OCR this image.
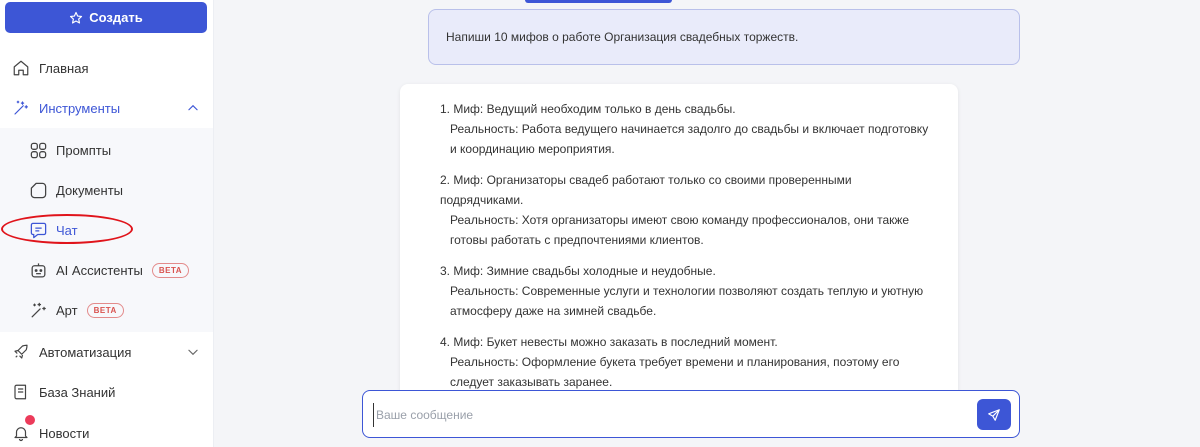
Создать
Главная
Инструменты
Промпты
Документы
Чат
AI Ассистенты	BETA
Арт	BETA
Автоматизация
База Знаний
Новости
Напиши 10 мифов о работе Организация свадебных торжеств.
1. Миф: Ведущий необходим только в день свадьбы.
Реальность: Работа ведущего начинается задолго до свадьбы и включает подготовку и координацию мероприятия.
2. Миф: Организаторы свадеб работают только со своими проверенными подрядчиками.
Реальность: Хотя организаторы имеют свою команду профессионалов, они также готовы работать с предпочтениями клиентов.
3. Миф: Зимние свадьбы холодные и неудобные.
Реальность: Современные услуги и технологии позволяют создать теплую и уютную атмосферу даже на зимней свадьбе.
4. Миф: Букет невесты можно заказать в последний момент.
Реальность: Оформление букета требует времени и планирования, поэтому его следует заказывать заранее.
Ваше сообщение
